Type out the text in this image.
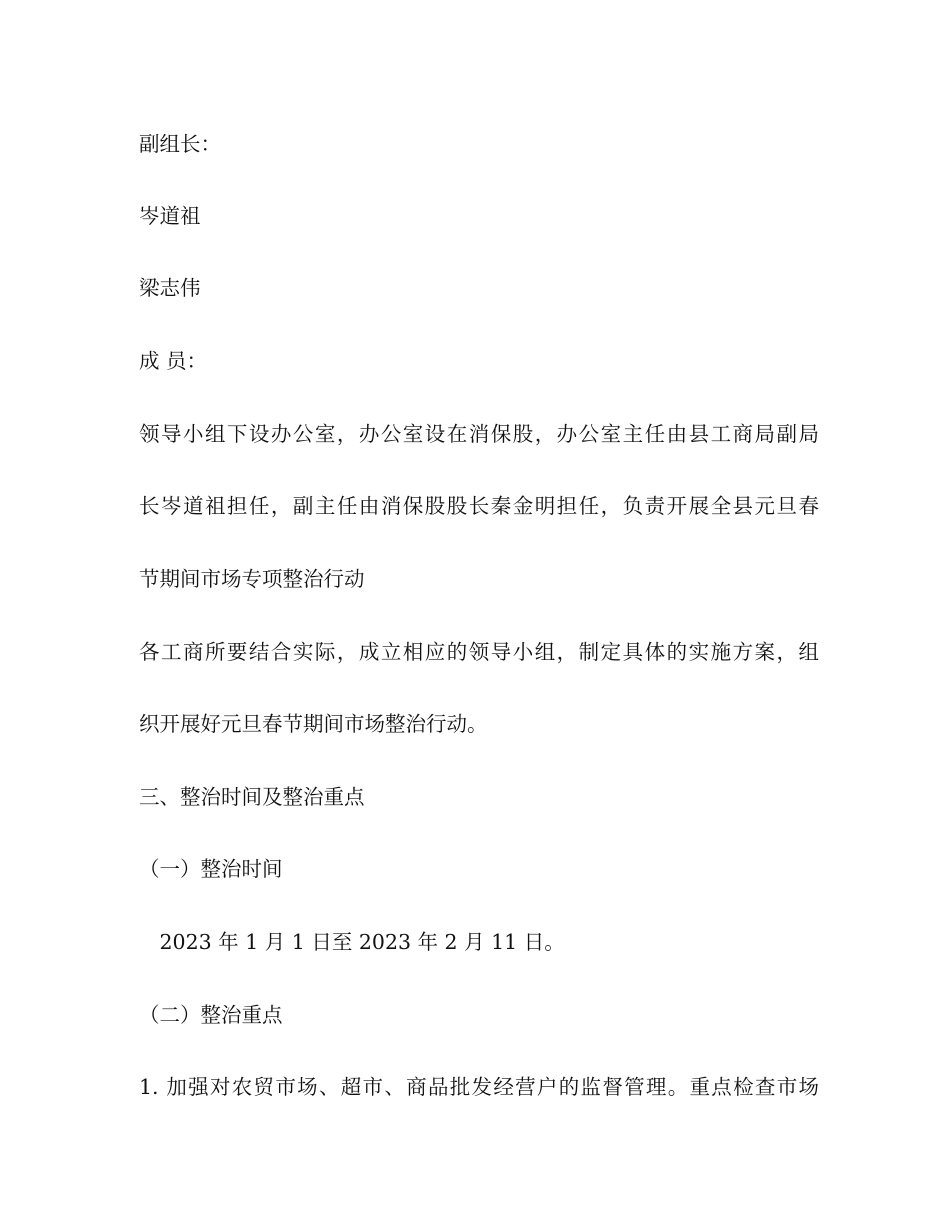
副组长：
岑道祖
梁志伟
成 员：
领导小组下设办公室，办公室设在消保股，办公室主任由县工商局副局
长岑道祖担任，副主任由消保股股长秦金明担任，负责开展全县元旦春
节期间市场专项整治行动
各工商所要结合实际，成立相应的领导小组，制定具体的实施方案，组
织开展好元旦春节期间市场整治行动。
三、整治时间及整治重点
（一）整治时间
　2023 年 1 月 1 日至 2023 年 2 月 11 日。
（二）整治重点
1. 加强对农贸市场、超市、商品批发经营户的监督管理。重点检查市场
